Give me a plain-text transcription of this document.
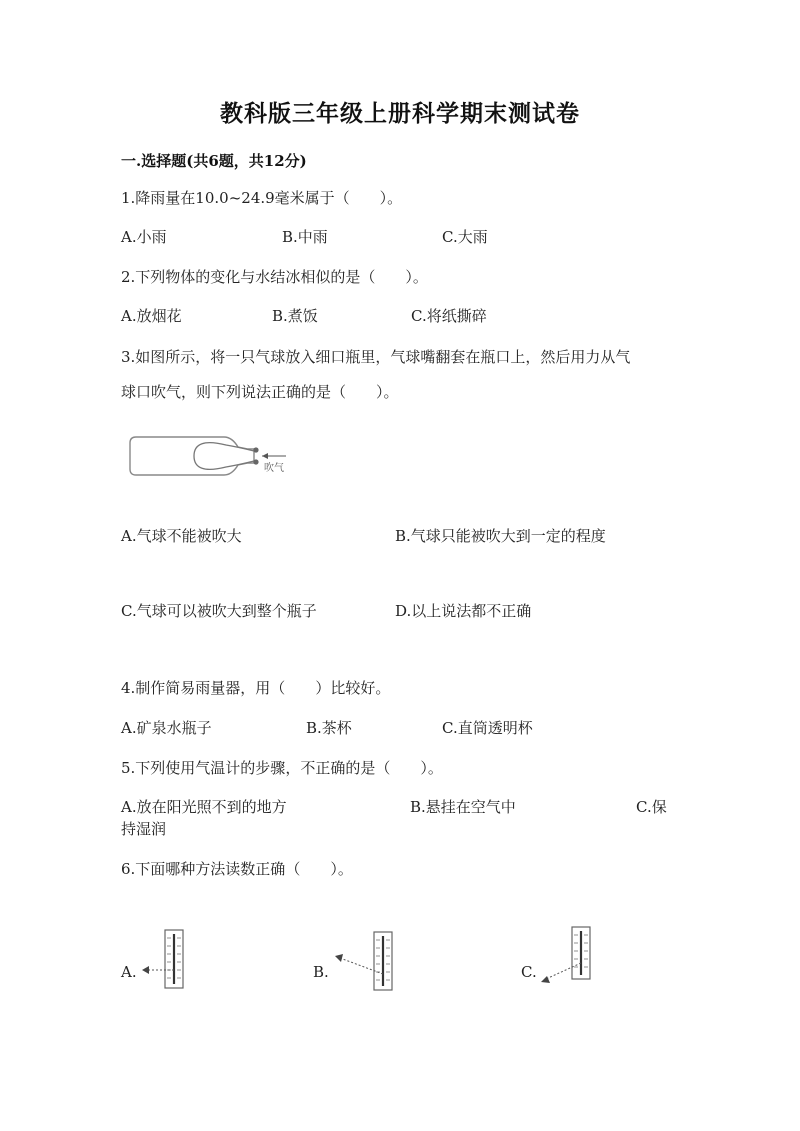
教科版三年级上册科学期末测试卷
一.选择题(共6题，共12分)
1.降雨量在10.0~24.9毫米属于（　　）。
A.小雨	B.中雨	C.大雨
2.下列物体的变化与水结冰相似的是（　　）。
A.放烟花	B.煮饭	C.将纸撕碎
3.如图所示，将一只气球放入细口瓶里，气球嘴翻套在瓶口上，然后用力从气
球口吹气，则下列说法正确的是（　　）。
吹气
A.气球不能被吹大	B.气球只能被吹大到一定的程度
C.气球可以被吹大到整个瓶子	D.以上说法都不正确
4.制作简易雨量器，用（　　）比较好。
A.矿泉水瓶子	B.茶杯	C.直筒透明杯
5.下列使用气温计的步骤，不正确的是（　　）。
A.放在阳光照不到的地方	B.悬挂在空气中	C.保
持湿润
6.下面哪种方法读数正确（　　）。
A.	B.	C.
